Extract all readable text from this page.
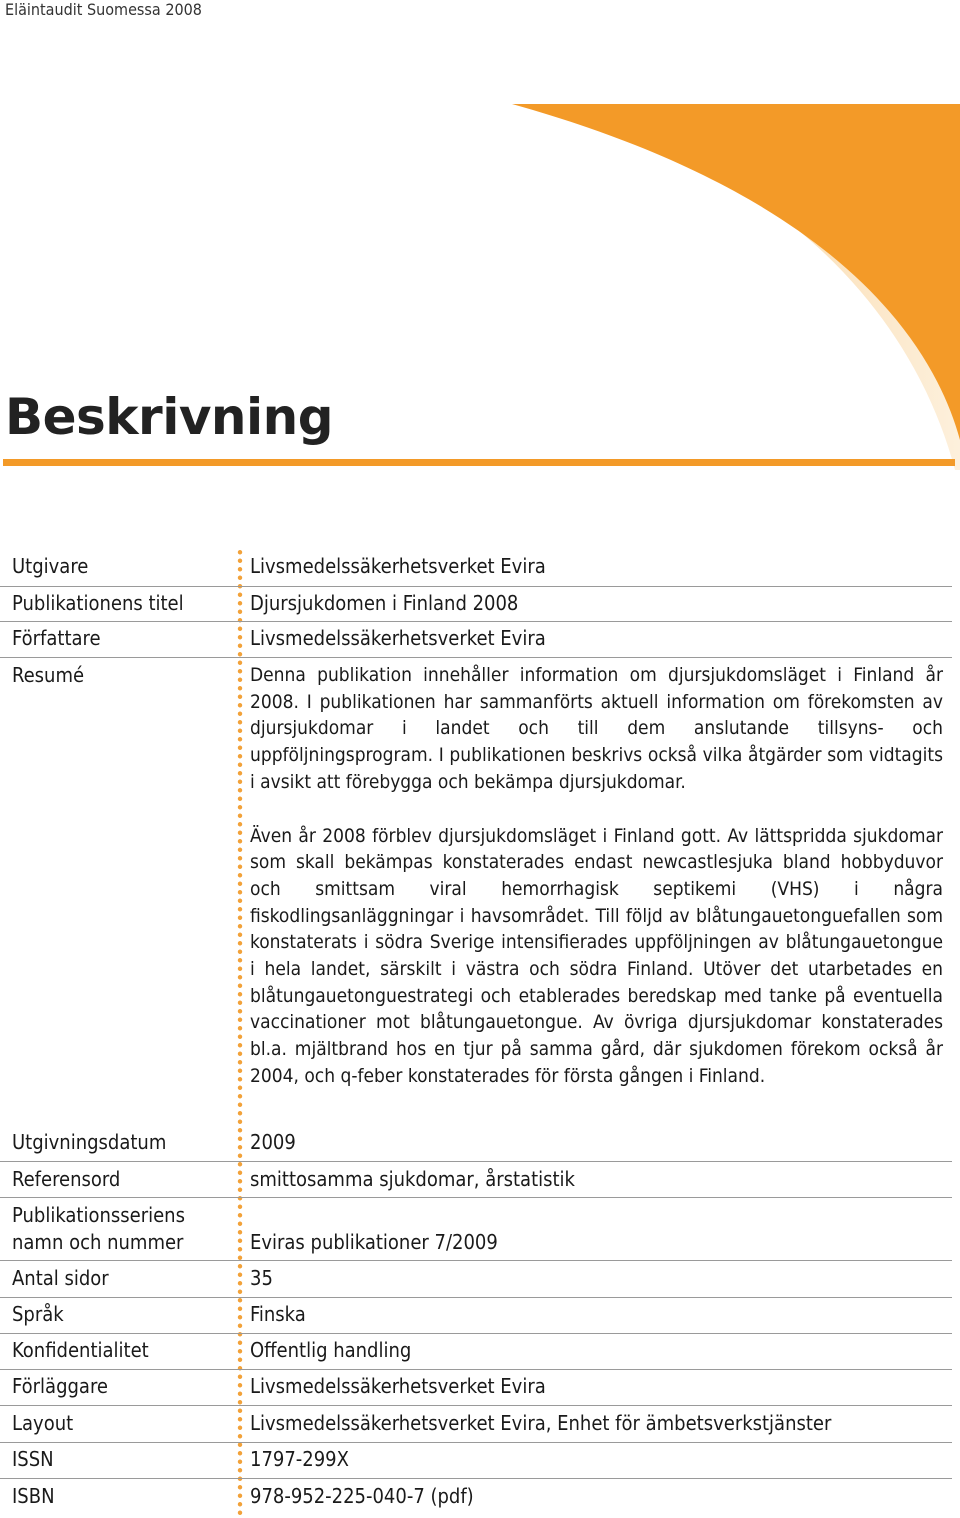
Eläintaudit Suomessa 2008
Beskrivning
Utgivare	Livsmedelssäkerhetsverket Evira
Publikationens titel	Djursjukdomen i Finland 2008
Författare	Livsmedelssäkerhetsverket Evira
Resumé	Denna publikation innehåller information om djursjukdomsläget i Finland år 2008. I publikationen har sammanförts aktuell information om förekomsten av djursjukdomar i landet och till dem anslutande tillsyns- och uppföljningsprogram. I publikationen beskrivs också vilka åtgärder som vidtagits i avsikt att förebygga och bekämpa djursjukdomar.

Även år 2008 förblev djursjukdomsläget i Finland gott. Av lättspridda sjukdomar som skall bekämpas konstaterades endast newcastlesjuka bland hobbyduvor och smittsam viral hemorrhagisk septikemi (VHS) i några fiskodlingsanläggningar i havsområdet. Till följd av blåtungauetonguefallen som konstaterats i södra Sverige intensifierades uppföljningen av blåtungauetongue i hela landet, särskilt i västra och södra Finland. Utöver det utarbetades en blåtungauetonguestrategi och etablerades beredskap med tanke på eventuella vaccinationer mot blåtungauetongue. Av övriga djursjukdomar konstaterades bl.a. mjältbrand hos en tjur på samma gård, där sjukdomen förekom också år 2004, och q-feber konstaterades för första gången i Finland.

Utgivningsdatum	2009
Referensord	smittosamma sjukdomar, årstatistik
Publikationsseriens
namn och nummer	Eviras publikationer 7/2009
Antal sidor	35
Språk	Finska
Konfidentialitet	Offentlig handling
Förläggare	Livsmedelssäkerhetsverket Evira
Layout	Livsmedelssäkerhetsverket Evira, Enhet för ämbetsverkstjänster
ISSN	1797-299X
ISBN	978-952-225-040-7 (pdf)
